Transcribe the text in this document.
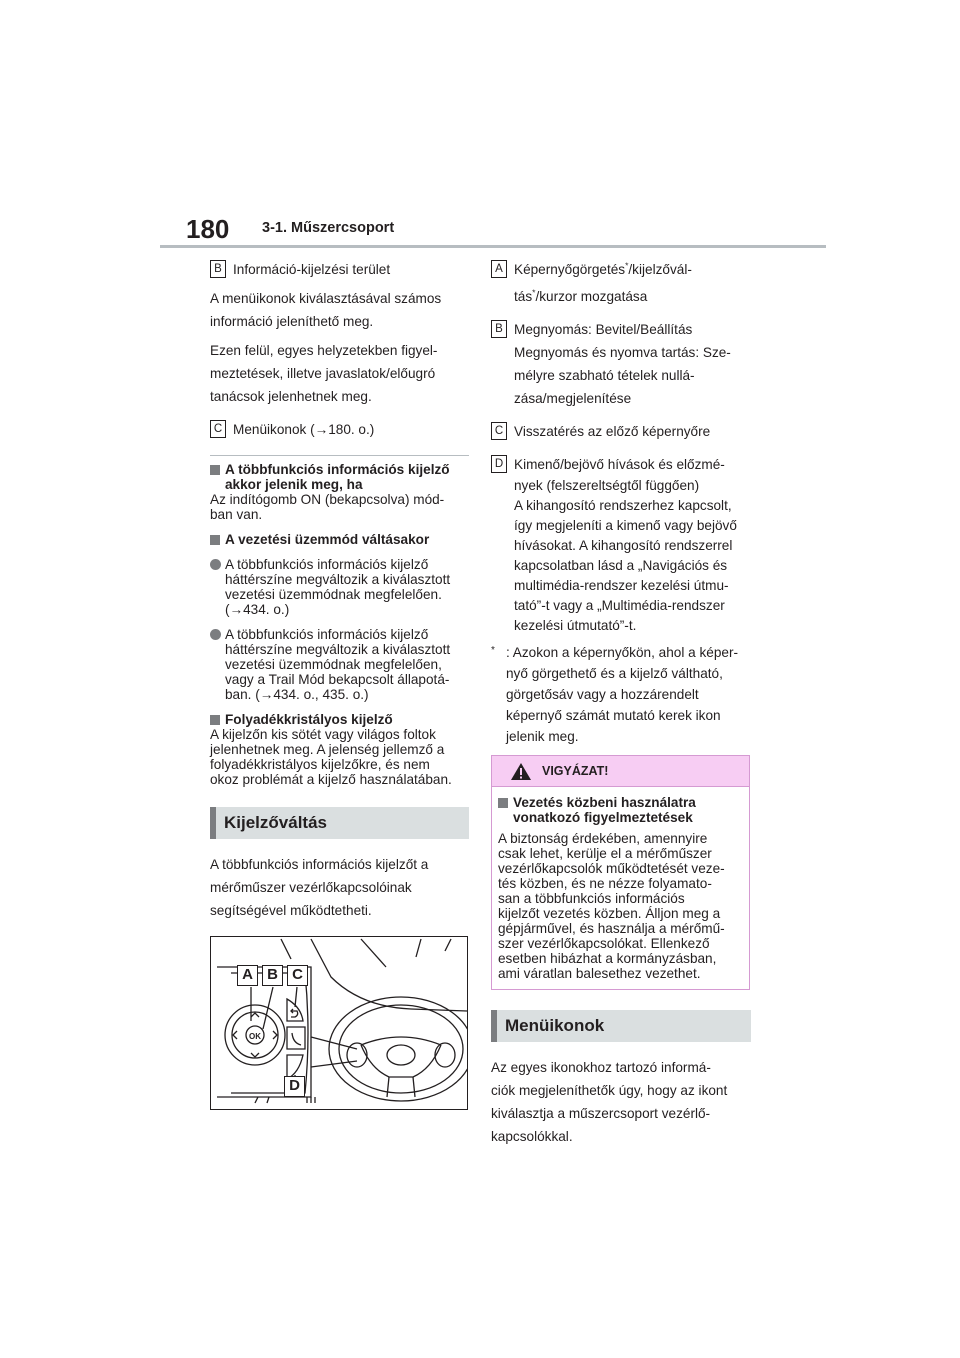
180 3-1. Műszercsoport
B Információ-kijelzési terület
A menüikonok kiválasztásával számos
információ jeleníthető meg.
Ezen felül, egyes helyzetekben figyel-
meztetések, illetve javaslatok/előugró
tanácsok jelenhetnek meg.
C Menüikonok (→180. o.)
A többfunkciós információs kijelző
akkor jelenik meg, ha
Az indítógomb ON (bekapcsolva) mód-
ban van.
A vezetési üzemmód váltásakor
A többfunkciós információs kijelző
háttérszíne megváltozik a kiválasztott
vezetési üzemmódnak megfelelően.
(→434. o.)
A többfunkciós információs kijelző
háttérszíne megváltozik a kiválasztott
vezetési üzemmódnak megfelelően,
vagy a Trail Mód bekapcsolt állapotá-
ban. (→434. o., 435. o.)
Folyadékkristályos kijelző
A kijelzőn kis sötét vagy világos foltok
jelenhetnek meg. A jelenség jellemző a
folyadékkristályos kijelzőkre, és nem
okoz problémát a kijelző használatában.
Kijelzőváltás
A többfunkciós információs kijelzőt a
mérőműszer vezérlőkapcsolóinak
segítségével működtetheti.
OK
A B C
D
A Képernyőgörgetés*/kijelzővál-
tás*/kurzor mozgatása
B Megnyomás: Bevitel/Beállítás
Megnyomás és nyomva tartás: Sze-
mélyre szabható tételek nullá-
zása/megjelenítése
C Visszatérés az előző képernyőre
D Kimenő/bejövő hívások és előzmé-
nyek (felszereltségtől függően)
A kihangosító rendszerhez kapcsolt,
így megjeleníti a kimenő vagy bejövő
hívásokat. A kihangosító rendszerrel
kapcsolatban lásd a „Navigációs és
multimédia-rendszer kezelési útmu-
tató”-t vagy a „Multimédia-rendszer
kezelési útmutató”-t.
* : Azokon a képernyőkön, ahol a képer-
nyő görgethető és a kijelző váltható,
görgetősáv vagy a hozzárendelt
képernyő számát mutató kerek ikon
jelenik meg.
VIGYÁZAT!
Vezetés közbeni használatra
vonatkozó figyelmeztetések
A biztonság érdekében, amennyire
csak lehet, kerülje el a mérőműszer
vezérlőkapcsolók működtetését veze-
tés közben, és ne nézze folyamato-
san a többfunkciós információs
kijelzőt vezetés közben. Álljon meg a
gépjárművel, és használja a mérőmű-
szer vezérlőkapcsolókat. Ellenkező
esetben hibázhat a kormányzásban,
ami váratlan balesethez vezethet.
Menüikonok
Az egyes ikonokhoz tartozó informá-
ciók megjeleníthetők úgy, hogy az ikont
kiválasztja a műszercsoport vezérlő-
kapcsolókkal.
